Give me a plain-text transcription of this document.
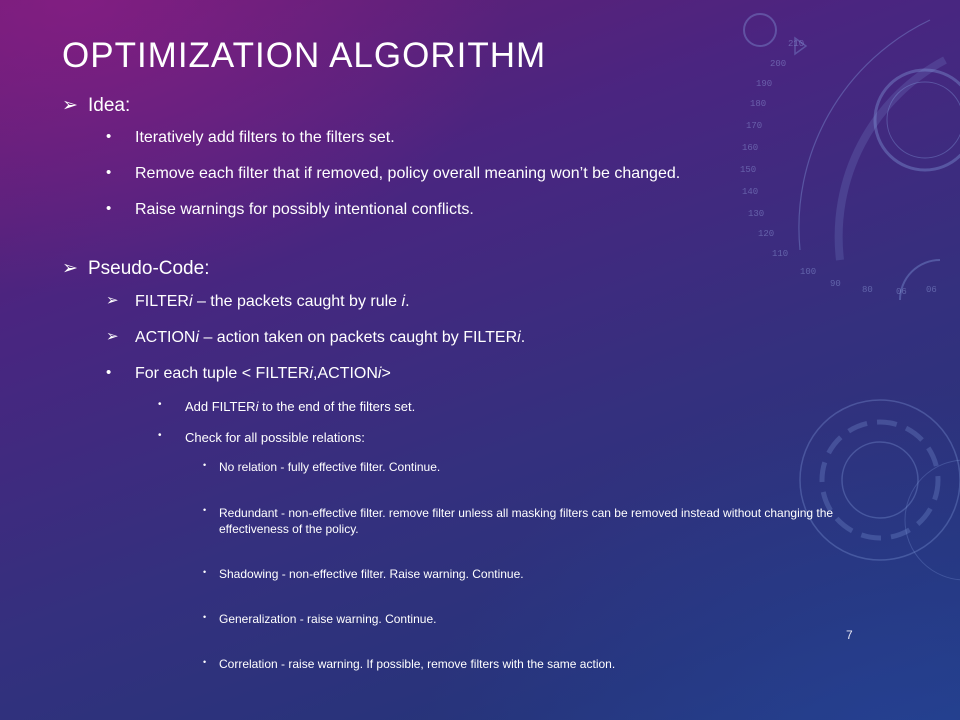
190
200
210
180
170
160
150
140
130
120
110
100
90
80	06 06
OPTIMIZATION ALGORITHM
➢ Idea:
•	Iteratively add filters to the filters set.
•	Remove each filter that if removed, policy overall meaning won’t be changed.
•	Raise warnings for possibly intentional conflicts.
➢ Pseudo-Code:
➢	FILTERi – the packets caught by rule i.
➢	ACTIONi – action taken on packets caught by FILTERi.
•	For each tuple < FILTERi,ACTIONi>
• Add FILTERi to the end of the filters set.
• Check for all possible relations:
• No relation - fully effective filter. Continue.
• Redundant - non-effective filter. remove filter unless all masking filters can be removed instead without changing the effectiveness of the policy.
• Shadowing - non-effective filter. Raise warning. Continue.
• Generalization - raise warning. Continue.
• Correlation - raise warning. If possible, remove filters with the same action.
7
